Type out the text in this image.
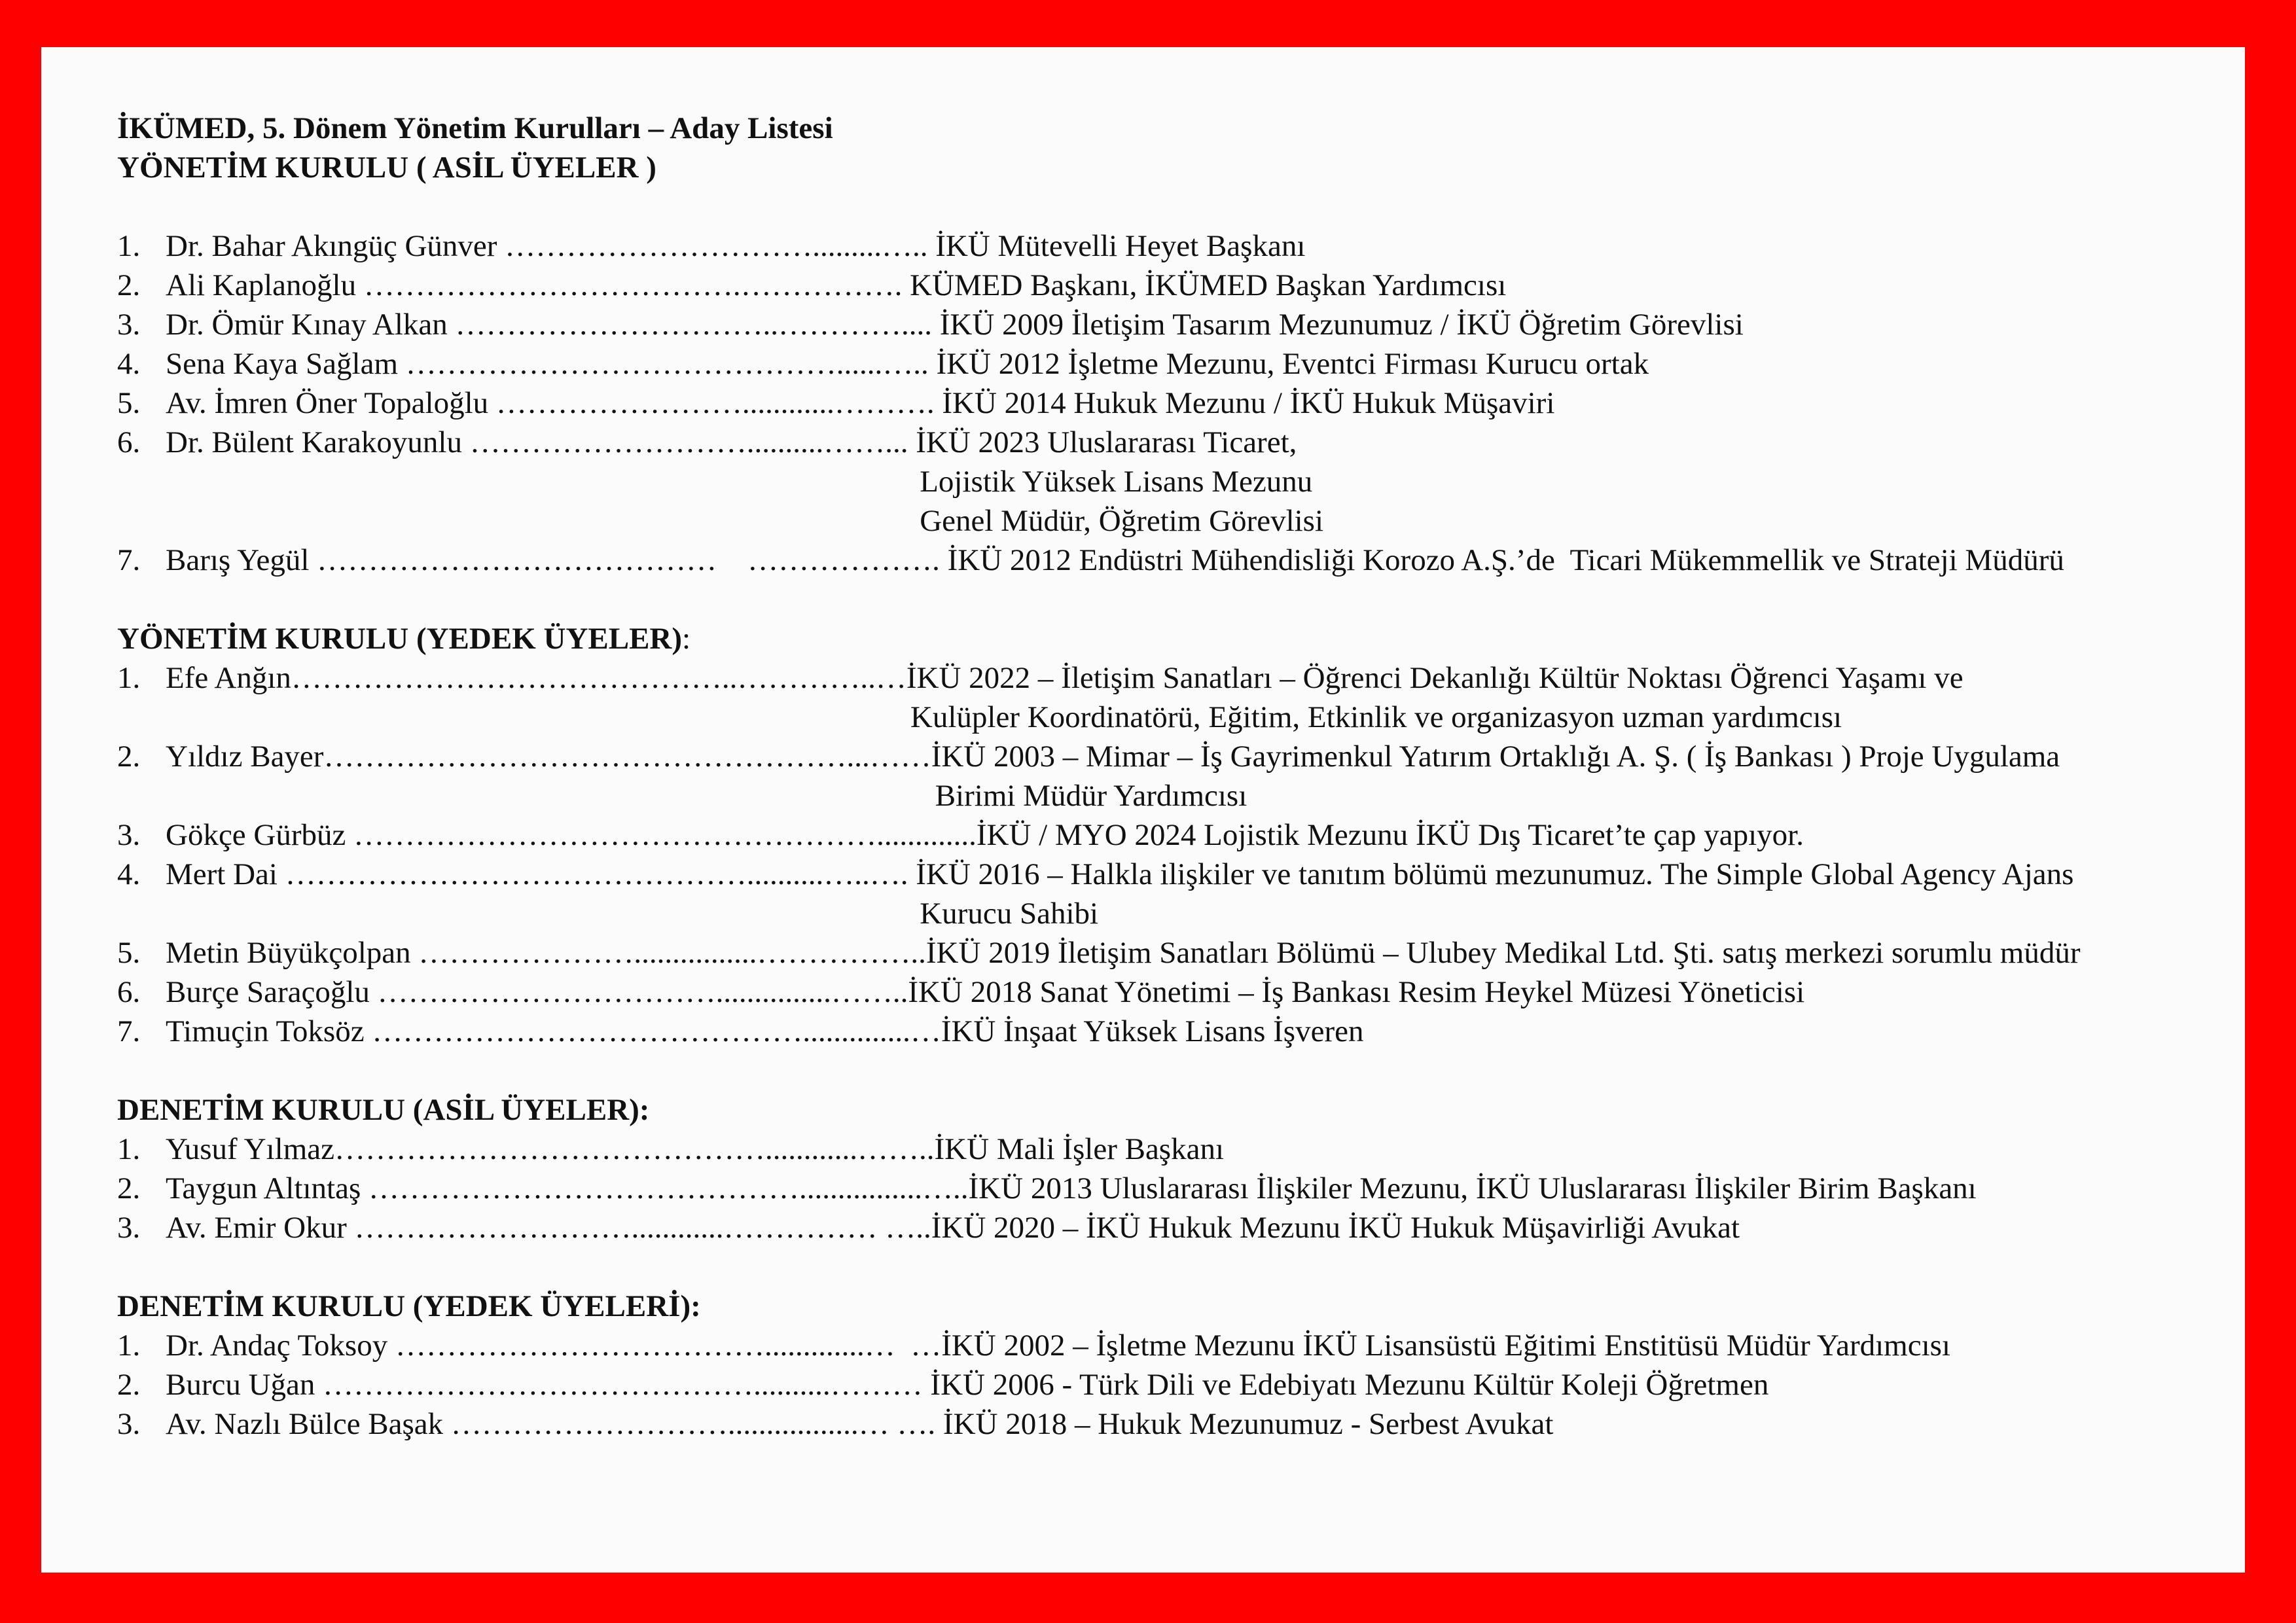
İKÜMED, 5. Dönem Yönetim Kurulları – Aday Listesi
YÖNETİM KURULU ( ASİL ÜYELER )
1. Dr. Bahar Akıngüç Günver ………………………….........….. İKÜ Mütevelli Heyet Başkanı
2. Ali Kaplanoğlu ……………………………….……………. KÜMED Başkanı, İKÜMED Başkan Yardımcısı
3. Dr. Ömür Kınay Alkan …………………………..………….... İKÜ 2009 İletişim Tasarım Mezunumuz / İKÜ Öğretim Görevlisi
4. Sena Kaya Sağlam ……………………………………......….. İKÜ 2012 İşletme Mezunu, Eventci Firması Kurucu ortak
5. Av. İmren Öner Topaloğlu ……………………............………. İKÜ 2014 Hukuk Mezunu / İKÜ Hukuk Müşaviri
6. Dr. Bülent Karakoyunlu ………………………..........……... İKÜ 2023 Uluslararası Ticaret,
Lojistik Yüksek Lisans Mezunu
Genel Müdür, Öğretim Görevlisi
7. Barış Yegül …………………………………    ………………. İKÜ 2012 Endüstri Mühendisliği Korozo A.Ş.’de  Ticari Mükemmellik ve Strateji Müdürü
YÖNETİM KURULU (YEDEK ÜYELER):
1. Efe Anğın ……………………………………..…………..… İKÜ 2022 – İletişim Sanatları – Öğrenci Dekanlığı Kültür Noktası Öğrenci Yaşamı ve
Kulüpler Koordinatörü, Eğitim, Etkinlik ve organizasyon uzman yardımcısı
2. Yıldız Bayer ……………………………………………...…… İKÜ 2003 – Mimar – İş Gayrimenkul Yatırım Ortaklığı A. Ş. ( İş Bankası ) Proje Uygulama
Birimi Müdür Yardımcısı
3. Gökçe Gürbüz ……………………………………………............. İKÜ / MYO 2024 Lojistik Mezunu İKÜ Dış Ticaret’te çap yapıyor.
4. Mert Dai ………………………………………..........…..…. İKÜ 2016 – Halkla ilişkiler ve tanıtım bölümü mezunumuz. The Simple Global Agency Ajans
Kurucu Sahibi
5. Metin Büyükçolpan …………………................…………….. İKÜ 2019 İletişim Sanatları Bölümü – Ulubey Medikal Ltd. Şti. satış merkezi sorumlu müdür
6. Burçe Saraçoğlu ……………………………...............…….. İKÜ 2018 Sanat Yönetimi – İş Bankası Resim Heykel Müzesi Yöneticisi
7. Timuçin Toksöz ……………………………………..............… İKÜ İnşaat Yüksek Lisans İşveren
DENETİM KURULU (ASİL ÜYELER):
1. Yusuf Yılmaz ……………………………………............…….. İKÜ Mali İşler Başkanı
2. Taygun Altıntaş ……………………………………................….. İKÜ 2013 Uluslararası İlişkiler Mezunu, İKÜ Uluslararası İlişkiler Birim Başkanı
3. Av. Emir Okur ………………………............…………… ….. İKÜ 2020 – İKÜ Hukuk Mezunu İKÜ Hukuk Müşavirliği Avukat
DENETİM KURULU (YEDEK ÜYELERİ):
1. Dr. Andaç Toksoy ……………………………….............…  … İKÜ 2002 – İşletme Mezunu İKÜ Lisansüstü Eğitimi Enstitüsü Müdür Yardımcısı
2. Burcu Uğan ……………………………………..........……… İKÜ 2006 - Türk Dili ve Edebiyatı Mezunu Kültür Koleji Öğretmen
3. Av. Nazlı Bülce Başak ……………………….................… …. İKÜ 2018 – Hukuk Mezunumuz - Serbest Avukat
